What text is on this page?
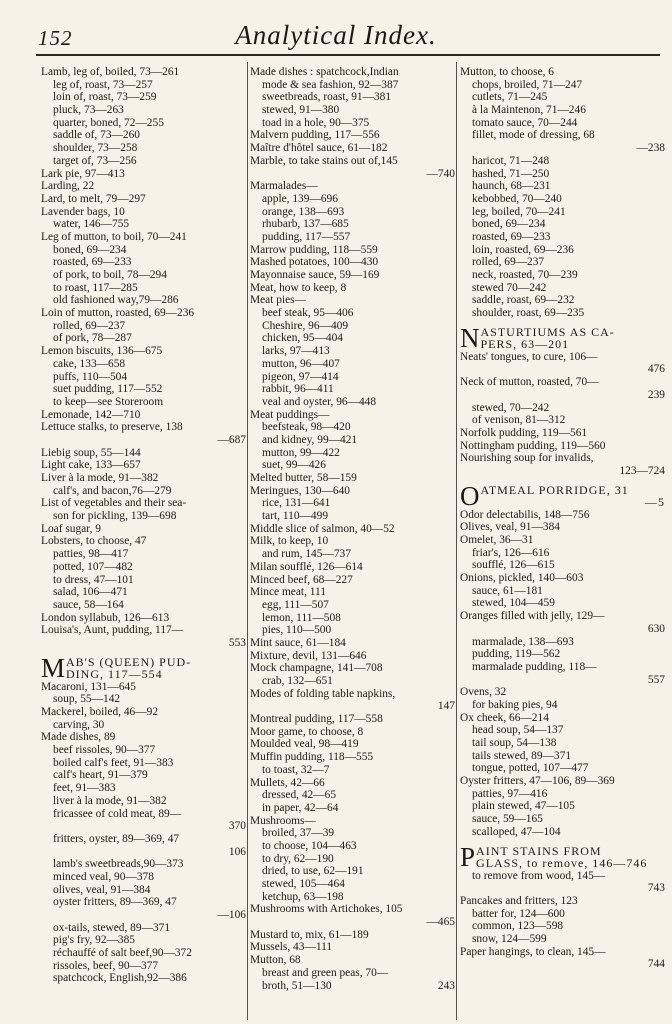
152	Analytical Index.
Lamb, leg of, boiled, 73—261
leg of, roast, 73—257
loin of, roast, 73—259
pluck, 73—263
quarter, boned, 72—255
saddle of, 73—260
shoulder, 73—258
target of, 73—256
Lark pie, 97—413
Larding, 22
Lard, to melt, 79—297
Lavender bags, 10
water, 146—755
Leg of mutton, to boil, 70—241
boned, 69—234
roasted, 69—233
of pork, to boil, 78—294
to roast, 117—285
old fashioned way,79—286
Loin of mutton, roasted, 69—236
rolled, 69—237
of pork, 78—287
Lemon biscuits, 136—675
cake, 133—658
puffs, 110—504
suet pudding, 117—552
to keep—see Storeroom
Lemonade, 142—710
Lettuce stalks, to preserve, 138
—687
Liebig soup, 55—144
Light cake, 133—657
Liver à la mode, 91—382
calf's, and bacon,76—279
List of vegetables and their sea-
son for pickling, 139—698
Loaf sugar, 9
Lobsters, to choose, 47
patties, 98—417
potted, 107—482
to dress, 47—101
salad, 106—471
sauce, 58—164
London syllabub, 126—613
Louisa's, Aunt, pudding, 117—
553
M AB'S (QUEEN) PUD-
DING, 117—554
Macaroni, 131—645
soup, 55—142
Mackerel, boiled, 46—92
carving, 30
Made dishes, 89
beef rissoles, 90—377
boiled calf's feet, 91—383
calf's heart, 91—379
feet, 91—383
liver à la mode, 91—382
fricassee of cold meat, 89—
370
fritters, oyster, 89—369, 47
106
lamb's sweetbreads,90—373
minced veal, 90—378
olives, veal, 91—384
oyster fritters, 89—369, 47
—106
ox-tails, stewed, 89—371
pig's fry, 92—385
réchauffé of salt beef,90—372
rissoles, beef, 90—377
spatchcock, English,92—386
Made dishes : spatchcock,Indian
mode & sea fashion, 92—387
sweetbreads, roast, 91—381
stewed, 91—380
toad in a hole, 90—375
Malvern pudding, 117—556
Maître d'hôtel sauce, 61—182
Marble, to take stains out of,145
—740
Marmalades—
apple, 139—696
orange, 138—693
rhubarb, 137—685
pudding, 117—557
Marrow pudding, 118—559
Mashed potatoes, 100—430
Mayonnaise sauce, 59—169
Meat, how to keep, 8
Meat pies—
beef steak, 95—406
Cheshire, 96—409
chicken, 95—404
larks, 97—413
mutton, 96—407
pigeon, 97—414
rabbit, 96—411
veal and oyster, 96—448
Meat puddings—
beefsteak, 98—420
and kidney, 99—421
mutton, 99—422
suet, 99—426
Melted butter, 58—159
Meringues, 130—640
rice, 131—641
tart, 110—499
Middle slice of salmon, 40—52
Milk, to keep, 10
and rum, 145—737
Milan soufflé, 126—614
Minced beef, 68—227
Mince meat, 111
egg, 111—507
lemon, 111—508
pies, 110—500
Mint sauce, 61—184
Mixture, devil, 131—646
Mock champagne, 141—708
crab, 132—651
Modes of folding table napkins,
147
Montreal pudding, 117—558
Moor game, to choose, 8
Moulded veal, 98—419
Muffin pudding, 118—555
to toast, 32—7
Mullets, 42—66
dressed, 42—65
in paper, 42—64
Mushrooms—
broiled, 37—39
to choose, 104—463
to dry, 62—190
dried, to use, 62—191
stewed, 105—464
ketchup, 63—198
Mushrooms with Artichokes, 105
—465
Mustard to, mix, 61—189
Mussels, 43—111
Mutton, 68
breast and green peas, 70—
broth, 51—130	243
Mutton, to choose, 6
chops, broiled, 71—247
cutlets, 71—245
à la Maintenon, 71—246
tomato sauce, 70—244
fillet, mode of dressing, 68
—238
haricot, 71—248
hashed, 71—250
haunch, 68—231
kebobbed, 70—240
leg, boiled, 70—241
boned, 69—234
roasted, 69—233
loin, roasted, 69—236
rolled, 69—237
neck, roasted, 70—239
stewed 70—242
saddle, roast, 69—232
shoulder, roast, 69—235
N ASTURTIUMS AS CA-
PERS, 63—201
Neats' tongues, to cure, 106—
476
Neck of mutton, roasted, 70—
239
stewed, 70—242
of venison, 81—312
Norfolk pudding, 119—561
Nottingham pudding, 119—560
Nourishing soup for invalids,
123—724
O ATMEAL PORRIDGE, 31
—5
Odor delectabilis, 148—756
Olives, veal, 91—384
Omelet, 36—31
friar's, 126—616
soufflé, 126—615
Onions, pickled, 140—603
sauce, 61—181
stewed, 104—459
Oranges filled with jelly, 129—
630
marmalade, 138—693
pudding, 119—562
marmalade pudding, 118—
557
Ovens, 32
for baking pies, 94
Ox cheek, 66—214
head soup, 54—137
tail soup, 54—138
tails stewed, 89—371
tongue, potted, 107—477
Oyster fritters, 47—106, 89—369
patties, 97—416
plain stewed, 47—105
sauce, 59—165
scalloped, 47—104
P AINT STAINS FROM
GLASS, to remove, 146—746
to remove from wood, 145—
743
Pancakes and fritters, 123
batter for, 124—600
common, 123—598
snow, 124—599
Paper hangings, to clean, 145—
744
